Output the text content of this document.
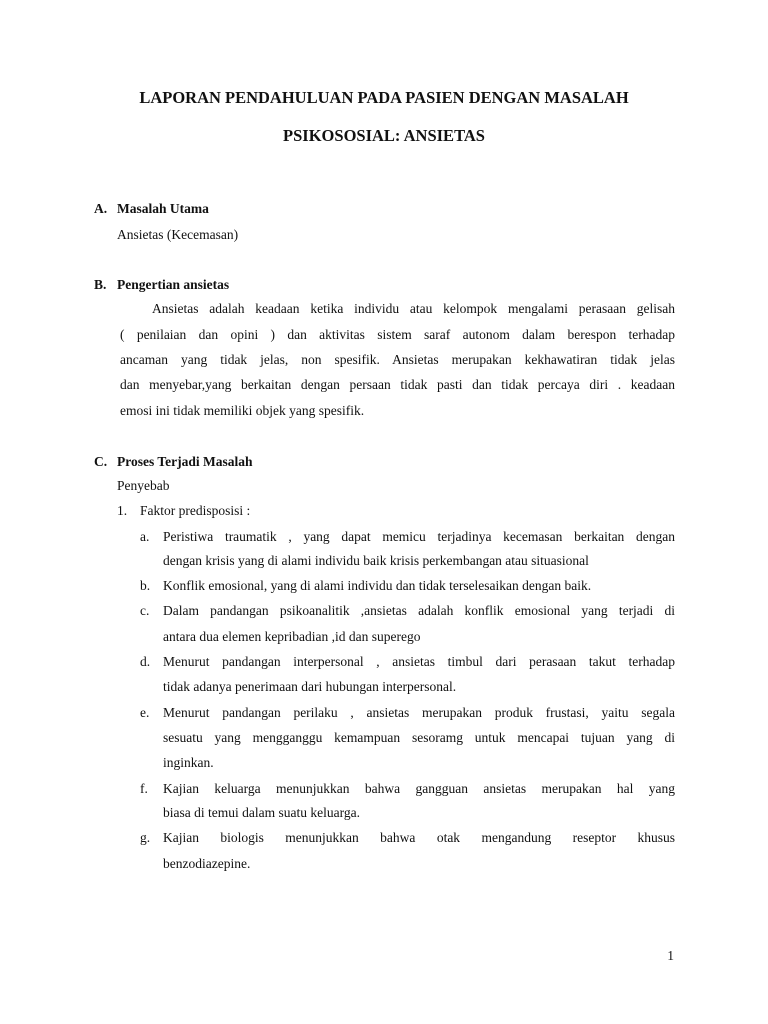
LAPORAN PENDAHULUAN PADA PASIEN DENGAN MASALAH
PSIKOSOSIAL: ANSIETAS
A. Masalah Utama
Ansietas (Kecemasan)
B. Pengertian ansietas
Ansietas adalah keadaan ketika individu atau kelompok mengalami perasaan gelisah
( penilaian dan opini ) dan aktivitas sistem saraf autonom dalam berespon terhadap
ancaman yang tidak jelas, non spesifik. Ansietas merupakan kekhawatiran tidak jelas
dan menyebar,yang berkaitan dengan persaan tidak pasti dan tidak percaya diri . keadaan
emosi ini tidak memiliki objek yang spesifik.
C. Proses Terjadi Masalah
Penyebab
1. Faktor predisposisi :
a. Peristiwa traumatik , yang dapat memicu terjadinya kecemasan berkaitan dengan
dengan krisis yang di alami individu baik krisis perkembangan atau situasional
b. Konflik emosional, yang di alami individu dan tidak terselesaikan dengan baik.
c. Dalam pandangan psikoanalitik ,ansietas adalah konflik emosional yang terjadi di
antara dua elemen kepribadian ,id dan superego
d. Menurut pandangan interpersonal , ansietas timbul dari perasaan takut terhadap
tidak adanya penerimaan dari hubungan interpersonal.
e. Menurut pandangan perilaku , ansietas merupakan produk frustasi, yaitu segala
sesuatu yang mengganggu kemampuan sesoramg untuk mencapai tujuan yang di
inginkan.
f. Kajian keluarga menunjukkan bahwa gangguan ansietas merupakan hal yang
biasa di temui dalam suatu keluarga.
g. Kajian biologis menunjukkan bahwa otak mengandung reseptor khusus
benzodiazepine.
1
